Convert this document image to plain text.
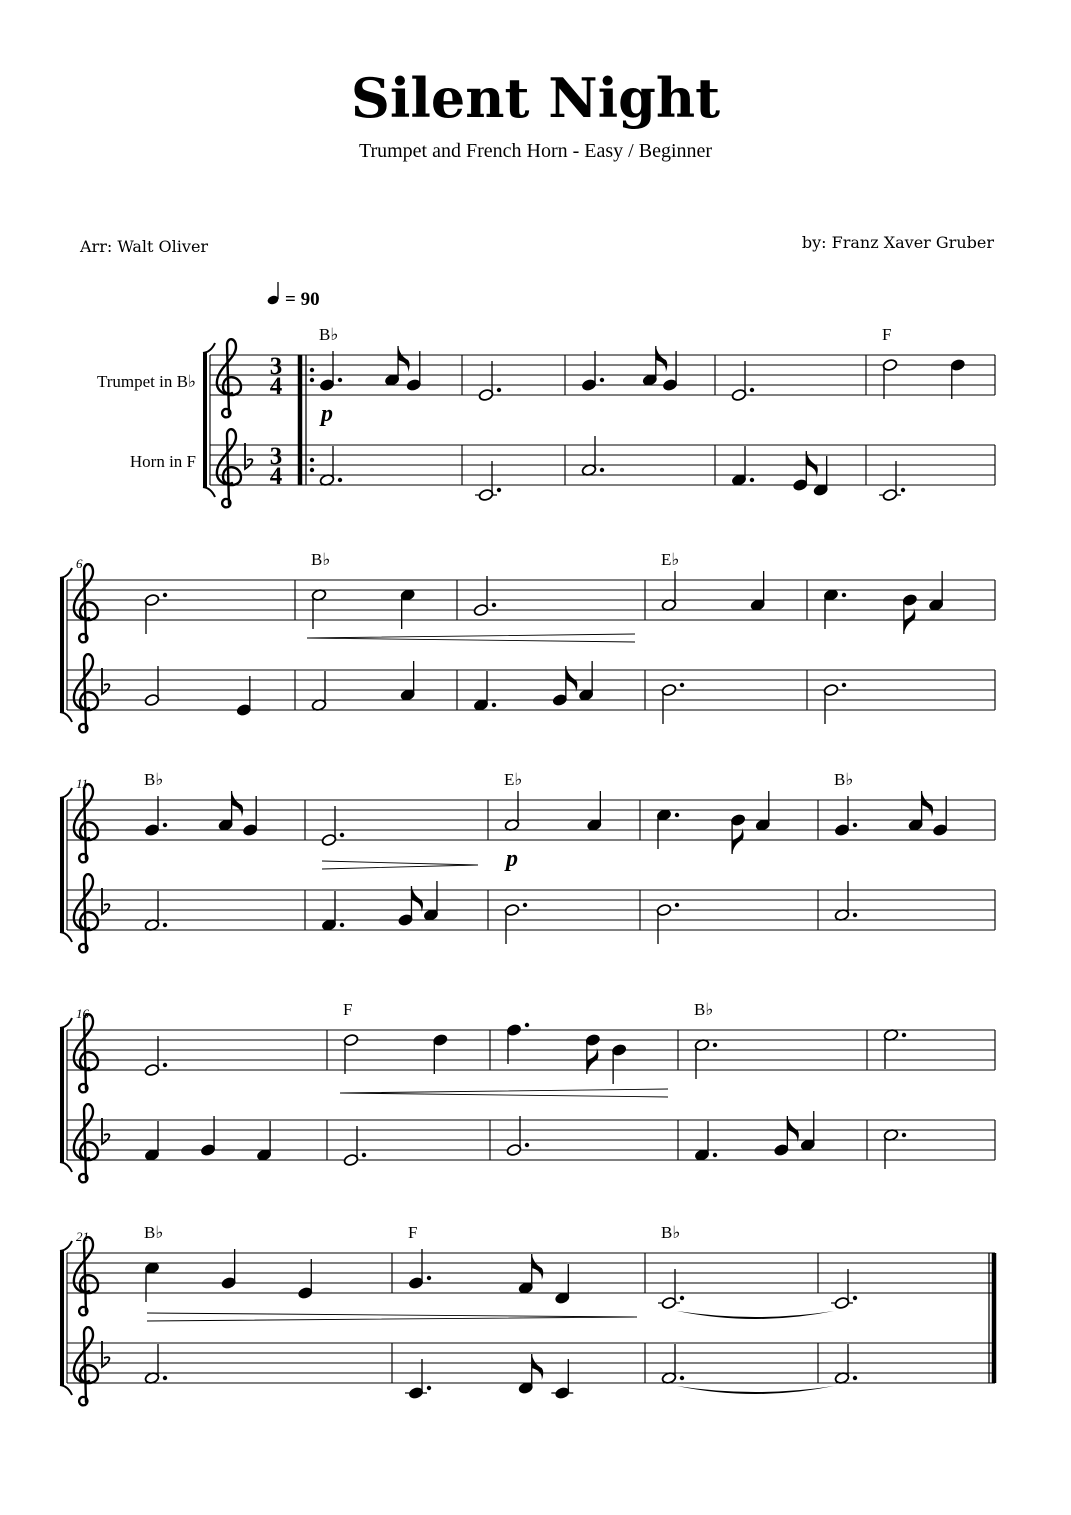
Silent Night
Trumpet and French Horn - Easy / Beginner
Arr: Walt Oliver	by: Franz Xaver Gruber
= 90
Trumpet in B♭
Horn in F
3
4
3
4
B♭
p
F
6	B♭	E♭
11	B♭	E♭
p
B♭
16	F	B♭
21	B♭	F	B♭
